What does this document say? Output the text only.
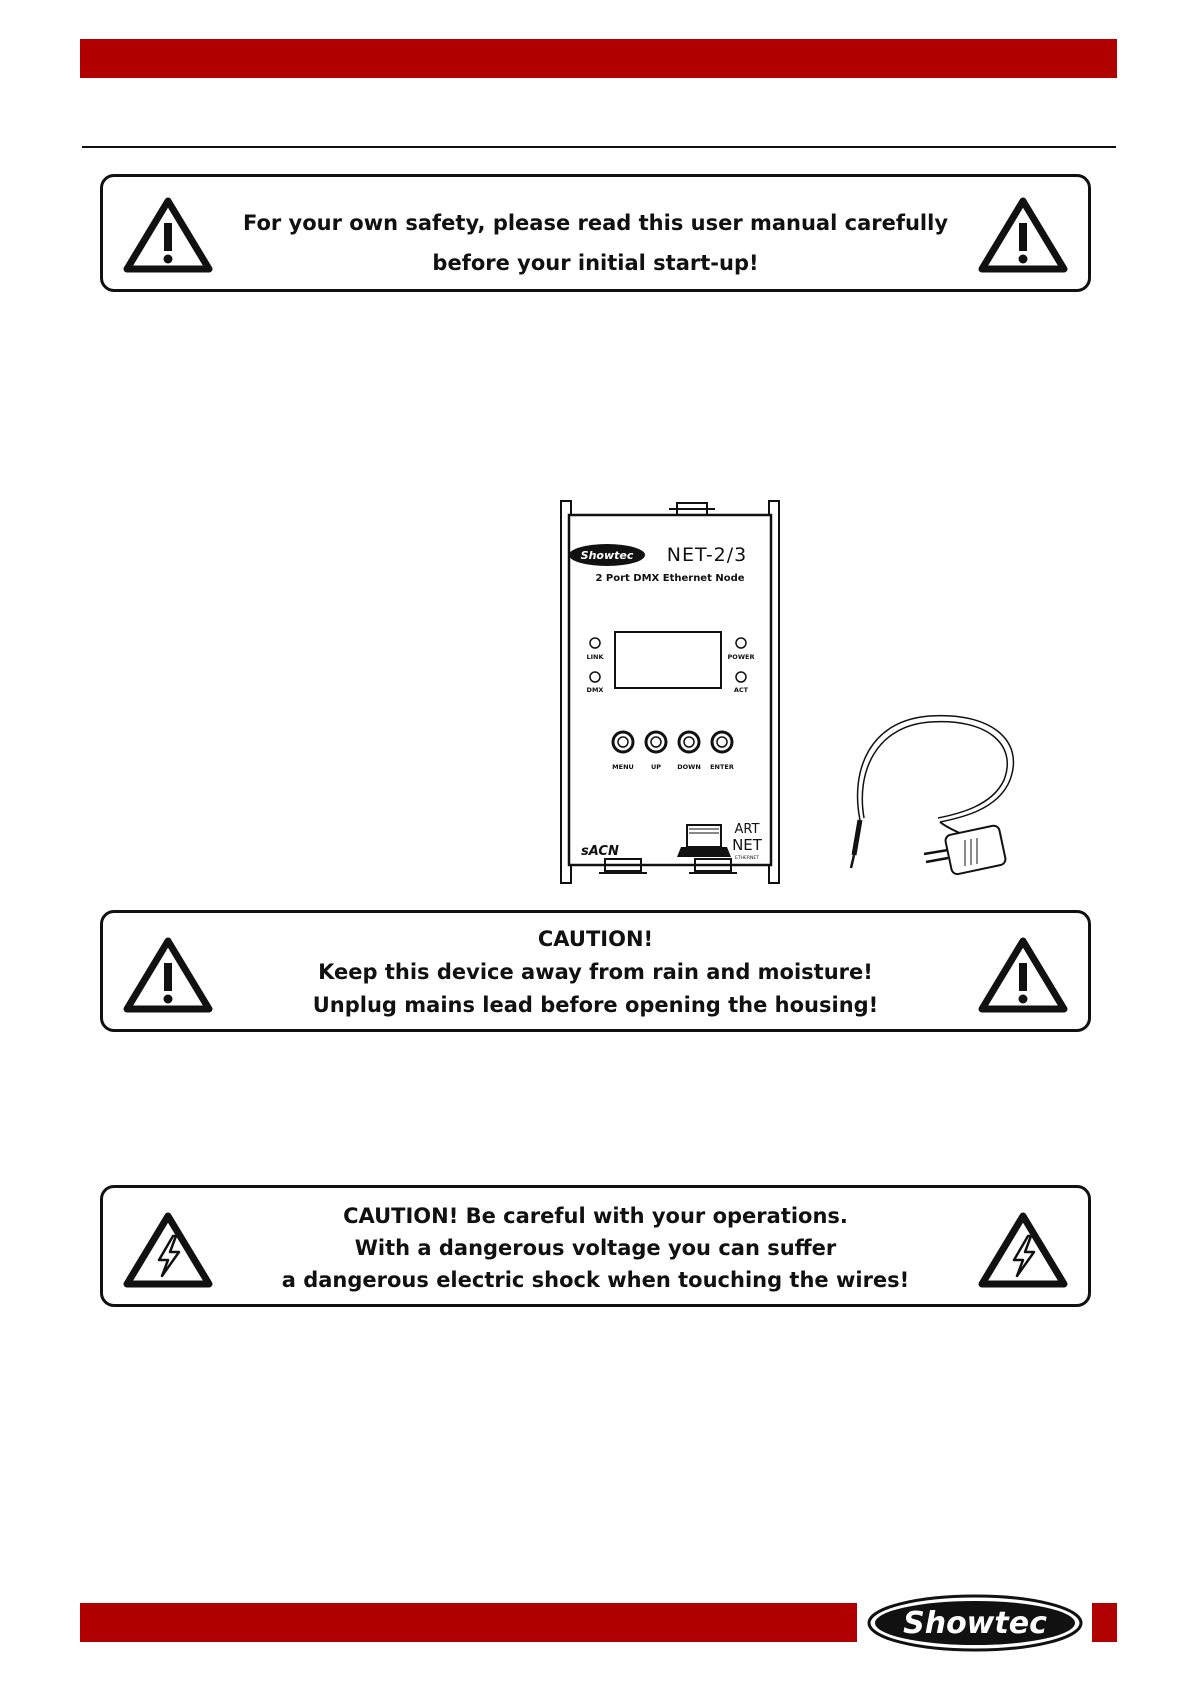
For your own safety, please read this user manual carefully
before your initial start-up!
Showtec NET-2/3
2 Port DMX Ethernet Node
LINK
DMX
POWER
ACT
MENU	UP DOWN ENTER
sACN
ART
NET
ETHERNET
CAUTION!
Keep this device away from rain and moisture!
Unplug mains lead before opening the housing!
CAUTION! Be careful with your operations.
With a dangerous voltage you can suffer
a dangerous electric shock when touching the wires!
Showtec
